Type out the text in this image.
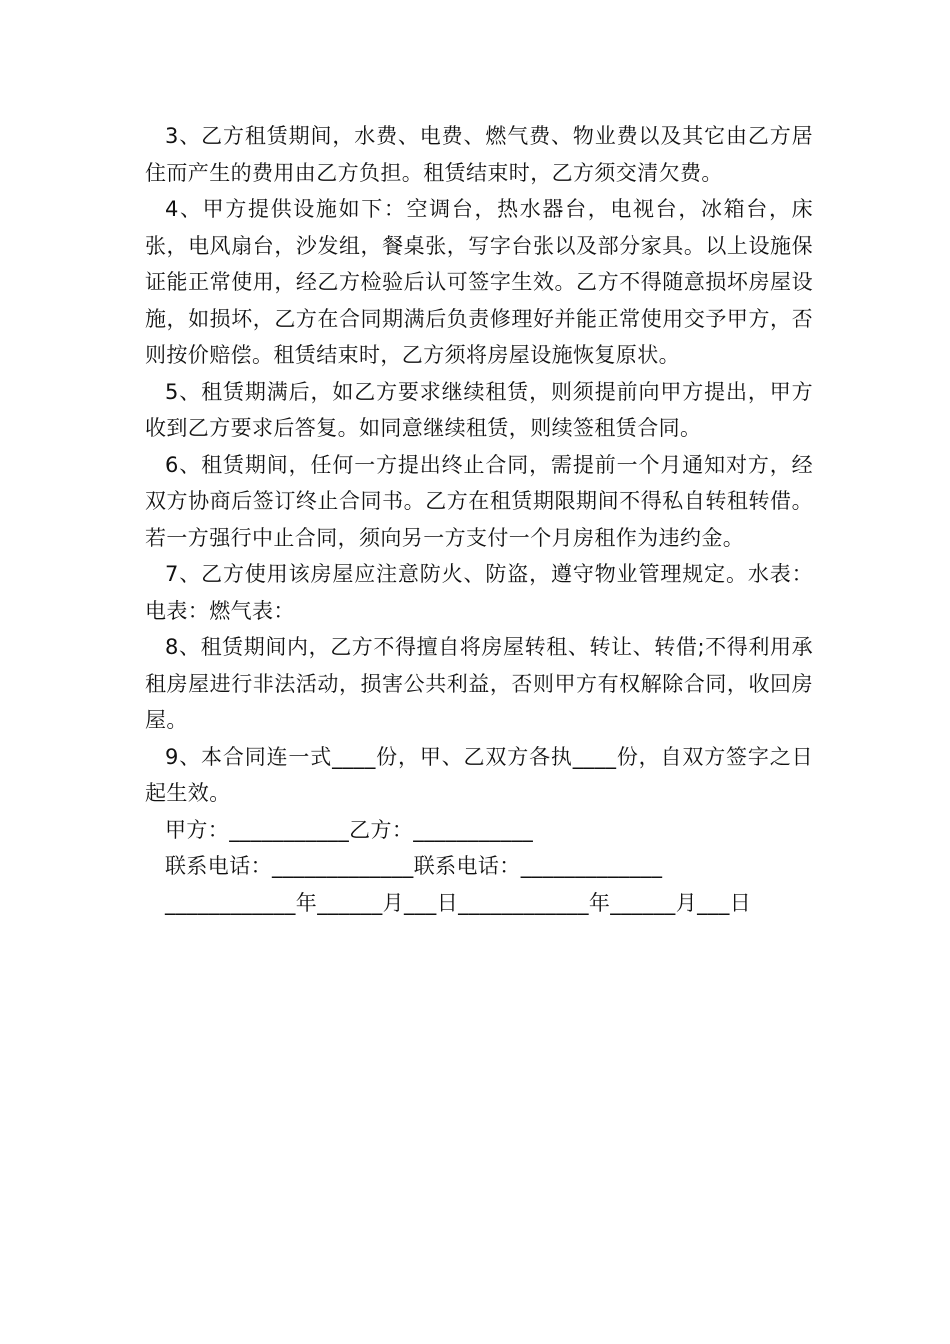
3、乙方租赁期间，水费、电费、燃气费、物业费以及其它由乙方居住而产生的费用由乙方负担。租赁结束时，乙方须交清欠费。

4、甲方提供设施如下：空调台，热水器台，电视台，冰箱台，床张，电风扇台，沙发组，餐桌张，写字台张以及部分家具。以上设施保证能正常使用，经乙方检验后认可签字生效。乙方不得随意损坏房屋设施，如损坏，乙方在合同期满后负责修理好并能正常使用交予甲方，否则按价赔偿。租赁结束时，乙方须将房屋设施恢复原状。

5、租赁期满后，如乙方要求继续租赁，则须提前向甲方提出，甲方收到乙方要求后答复。如同意继续租赁，则续签租赁合同。

6、租赁期间，任何一方提出终止合同，需提前一个月通知对方，经双方协商后签订终止合同书。乙方在租赁期限期间不得私自转租转借。若一方强行中止合同，须向另一方支付一个月房租作为违约金。

7、乙方使用该房屋应注意防火、防盗，遵守物业管理规定。水表：电表：燃气表：

8、租赁期间内，乙方不得擅自将房屋转租、转让、转借;不得利用承租房屋进行非法活动，损害公共利益，否则甲方有权解除合同，收回房屋。

9、本合同连一式____份，甲、乙双方各执____份，自双方签字之日起生效。

甲方：___________乙方：___________

联系电话：_____________联系电话：_____________

____________年______月___日____________年______月___日
